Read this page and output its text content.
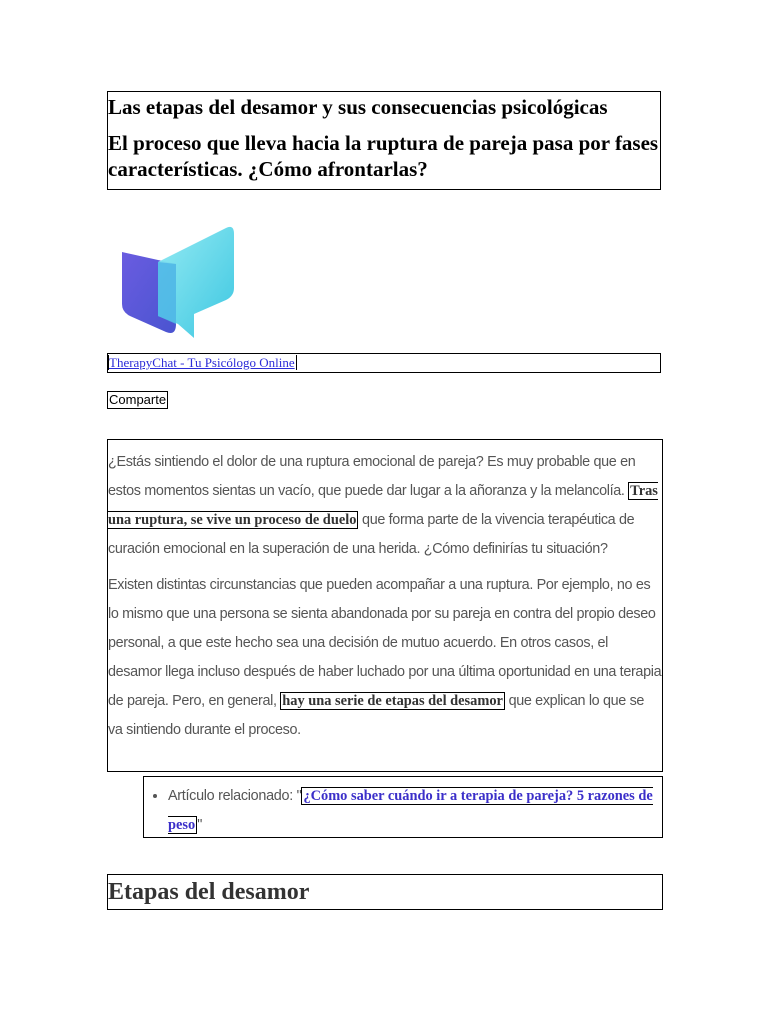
Las etapas del desamor y sus consecuencias psicológicas
El proceso que lleva hacia la ruptura de pareja pasa por fases características. ¿Cómo afrontarlas?
TherapyChat - Tu Psicólogo Online
Comparte

¿Estás sintiendo el dolor de una ruptura emocional de pareja? Es muy probable que en estos momentos sientas un vacío, que puede dar lugar a la añoranza y la melancolía. Tras una ruptura, se vive un proceso de duelo que forma parte de la vivencia terapéutica de curación emocional en la superación de una herida. ¿Cómo definirías tu situación?

Existen distintas circunstancias que pueden acompañar a una ruptura. Por ejemplo, no es lo mismo que una persona se sienta abandonada por su pareja en contra del propio deseo personal, a que este hecho sea una decisión de mutuo acuerdo. En otros casos, el desamor llega incluso después de haber luchado por una última oportunidad en una terapia de pareja. Pero, en general, hay una serie de etapas del desamor que explican lo que se va sintiendo durante el proceso.

• Artículo relacionado: " ¿Cómo saber cuándo ir a terapia de pareja? 5 razones de peso "
Etapas del desamor
